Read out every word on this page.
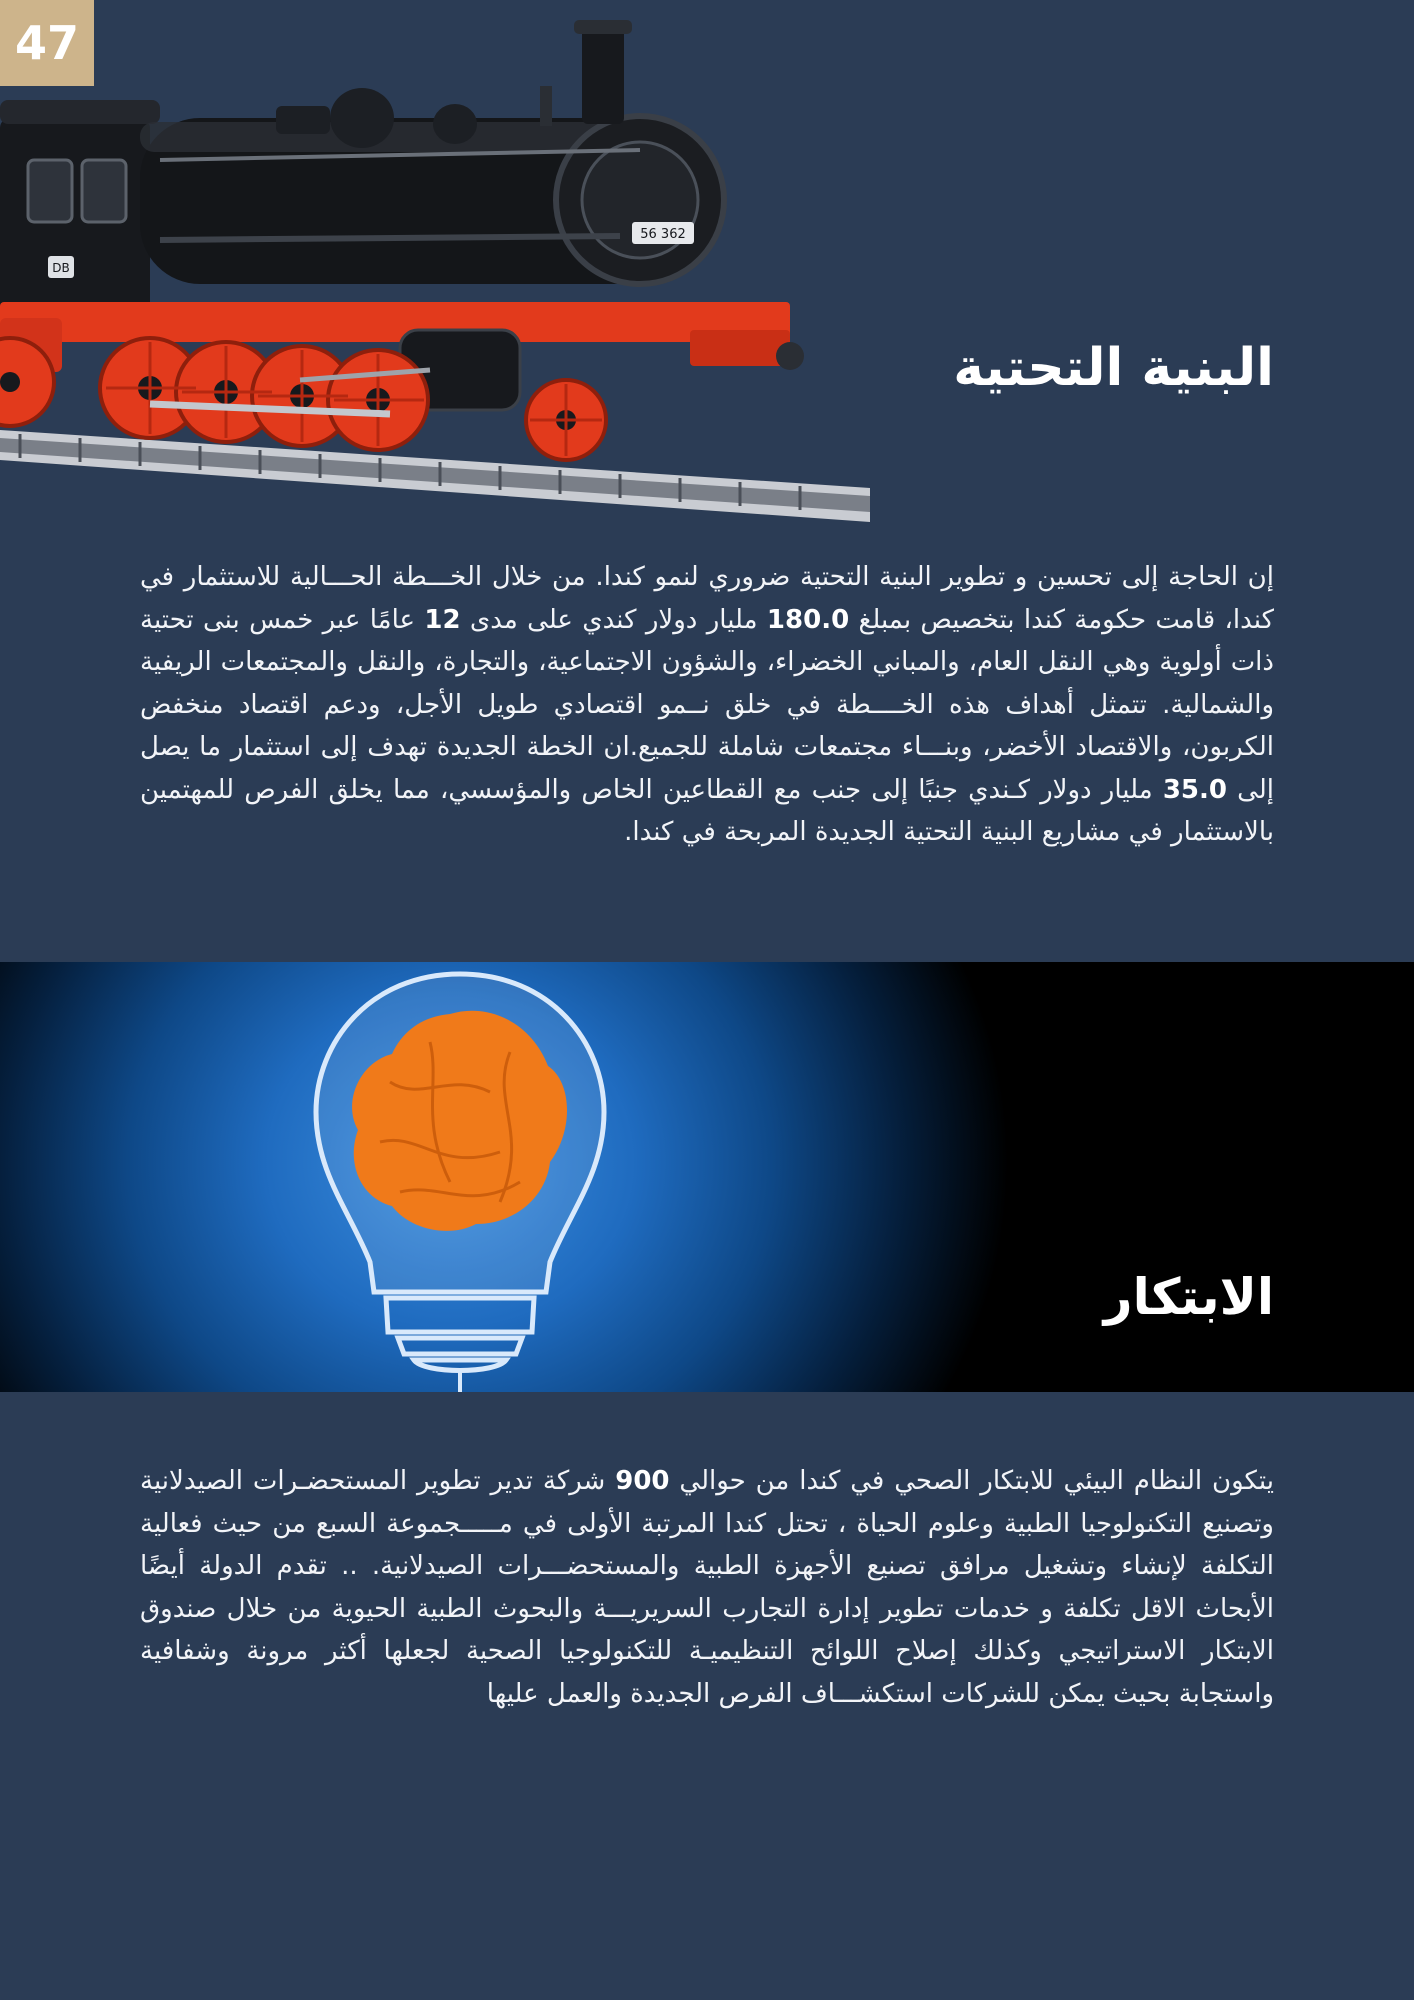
47
DB
56 362
البنية التحتية

إن الحاجة إلى تحسين و تطوير البنية التحتية ضروري لنمو كندا. من خلال الخـــطة الحـــالية للاستثمار في كندا، قامت حكومة كندا بتخصيص بمبلغ 180.0 مليار دولار كندي على مدى 12 عامًا عبر خمس بنى تحتية ذات أولوية وهي النقل العام، والمباني الخضراء، والشؤون الاجتماعية، والتجارة، والنقل والمجتمعات الريفية والشمالية. تتمثل أهداف هذه الخــــطة في خلق نــمو اقتصادي طويل الأجل، ودعم اقتصاد منخفض الكربون، والاقتصاد الأخضر، وبنـــاء مجتمعات شاملة للجميع.ان الخطة الجديدة تهدف إلى استثمار ما يصل إلى 35.0 مليار دولار كـندي جنبًا إلى جنب مع القطاعين الخاص والمؤسسي، مما يخلق الفرص للمهتمين بالاستثمار في مشاريع البنية التحتية الجديدة المربحة في كندا.

الابتكار

يتكون النظام البيئي للابتكار الصحي في كندا من حوالي 900 شركة تدير تطوير المستحضـرات الصيدلانية وتصنيع التكنولوجيا الطبية وعلوم الحياة ، تحتل كندا المرتبة الأولى في مـــــجموعة السبع من حيث فعالية التكلفة لإنشاء وتشغيل مرافق تصنيع الأجهزة الطبية والمستحضـــرات الصيدلانية. .. تقدم الدولة أيضًا الأبحاث الاقل تكلفة و خدمات تطوير إدارة التجارب السريريـــة والبحوث الطبية الحيوية من خلال صندوق الابتكار الاستراتيجي وكذلك إصلاح اللوائح التنظيميـة للتكنولوجيا الصحية لجعلها أكثر مرونة وشفافية واستجابة بحيث يمكن للشركات استكشـــاف الفرص الجديدة والعمل عليها
